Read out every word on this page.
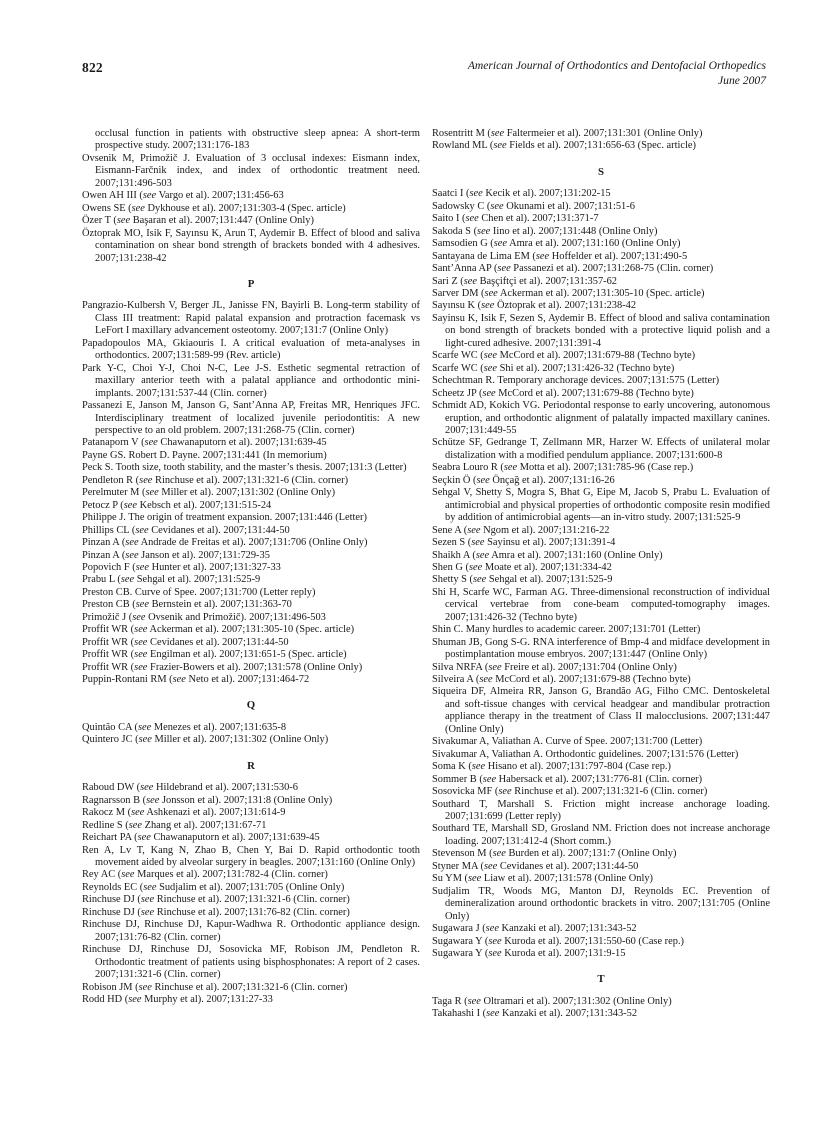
822	American Journal of Orthodontics and Dentofacial Orthopedics
June 2007
occlusal function in patients with obstructive sleep apnea: A short-term prospective study. 2007;131:176-183
Ovsenik M, Primožič J. Evaluation of 3 occlusal indexes: Eismann index, Eismann-Farčnik index, and index of orthodontic treatment need. 2007;131:496-503
Owen AH III (see Vargo et al). 2007;131:456-63
Owens SE (see Dykhouse et al). 2007;131:303-4 (Spec. article)
Özer T (see Başaran et al). 2007;131:447 (Online Only)
Öztoprak MO, Isik F, Sayınsu K, Arun T, Aydemir B. Effect of blood and saliva contamination on shear bond strength of brackets bonded with 4 adhesives. 2007;131:238-42
P
Pangrazio-Kulbersh V, Berger JL, Janisse FN, Bayirli B. Long-term stability of Class III treatment: Rapid palatal expansion and protraction facemask vs LeFort I maxillary advancement osteotomy. 2007;131:7 (Online Only)
Papadopoulos MA, Gkiaouris I. A critical evaluation of meta-analyses in orthodontics. 2007;131:589-99 (Rev. article)
Park Y-C, Choi Y-J, Choi N-C, Lee J-S. Esthetic segmental retraction of maxillary anterior teeth with a palatal appliance and orthodontic mini-implants. 2007;131:537-44 (Clin. corner)
Passanezi E, Janson M, Janson G, Sant’Anna AP, Freitas MR, Henriques JFC. Interdisciplinary treatment of localized juvenile periodontitis: A new perspective to an old problem. 2007;131:268-75 (Clin. corner)
Patanaporn V (see Chawanaputorn et al). 2007;131:639-45
Payne GS. Robert D. Payne. 2007;131:441 (In memorium)
Peck S. Tooth size, tooth stability, and the master’s thesis. 2007;131:3 (Letter)
Pendleton R (see Rinchuse et al). 2007;131:321-6 (Clin. corner)
Perelmuter M (see Miller et al). 2007;131:302 (Online Only)
Petocz P (see Kebsch et al). 2007;131:515-24
Philippe J. The origin of treatment expansion. 2007;131:446 (Letter)
Phillips CL (see Cevidanes et al). 2007;131:44-50
Pinzan A (see Andrade de Freitas et al). 2007;131:706 (Online Only)
Pinzan A (see Janson et al). 2007;131:729-35
Popovich F (see Hunter et al). 2007;131:327-33
Prabu L (see Sehgal et al). 2007;131:525-9
Preston CB. Curve of Spee. 2007;131:700 (Letter reply)
Preston CB (see Bernstein et al). 2007;131:363-70
Primožič J (see Ovsenik and Primožič). 2007;131:496-503
Proffit WR (see Ackerman et al). 2007;131:305-10 (Spec. article)
Proffit WR (see Cevidanes et al). 2007;131:44-50
Proffit WR (see Engilman et al). 2007;131:651-5 (Spec. article)
Proffit WR (see Frazier-Bowers et al). 2007;131:578 (Online Only)
Puppin-Rontani RM (see Neto et al). 2007;131:464-72
Q
Quintão CA (see Menezes et al). 2007;131:635-8
Quintero JC (see Miller et al). 2007;131:302 (Online Only)
R
Raboud DW (see Hildebrand et al). 2007;131:530-6
Ragnarsson B (see Jonsson et al). 2007;131:8 (Online Only)
Rakocz M (see Ashkenazi et al). 2007;131:614-9
Redline S (see Zhang et al). 2007;131:67-71
Reichart PA (see Chawanaputorn et al). 2007;131:639-45
Ren A, Lv T, Kang N, Zhao B, Chen Y, Bai D. Rapid orthodontic tooth movement aided by alveolar surgery in beagles. 2007;131:160 (Online Only)
Rey AC (see Marques et al). 2007;131:782-4 (Clin. corner)
Reynolds EC (see Sudjalim et al). 2007;131:705 (Online Only)
Rinchuse DJ (see Rinchuse et al). 2007;131:321-6 (Clin. corner)
Rinchuse DJ (see Rinchuse et al). 2007;131:76-82 (Clin. corner)
Rinchuse DJ, Rinchuse DJ, Kapur-Wadhwa R. Orthodontic appliance design. 2007;131:76-82 (Clin. corner)
Rinchuse DJ, Rinchuse DJ, Sosovicka MF, Robison JM, Pendleton R. Orthodontic treatment of patients using bisphosphonates: A report of 2 cases. 2007;131:321-6 (Clin. corner)
Robison JM (see Rinchuse et al). 2007;131:321-6 (Clin. corner)
Rodd HD (see Murphy et al). 2007;131:27-33
Rosentritt M (see Faltermeier et al). 2007;131:301 (Online Only)
Rowland ML (see Fields et al). 2007;131:656-63 (Spec. article)
S
Saatci I (see Kecik et al). 2007;131:202-15
Sadowsky C (see Okunami et al). 2007;131:51-6
Saito I (see Chen et al). 2007;131:371-7
Sakoda S (see Iino et al). 2007;131:448 (Online Only)
Samsodien G (see Amra et al). 2007;131:160 (Online Only)
Santayana de Lima EM (see Hoffelder et al). 2007;131:490-5
Sant’Anna AP (see Passanezi et al). 2007;131:268-75 (Clin. corner)
Sari Z (see Başçiftçi et al). 2007;131:357-62
Sarver DM (see Ackerman et al). 2007;131:305-10 (Spec. article)
Sayınsu K (see Öztoprak et al). 2007;131:238-42
Sayinsu K, Isik F, Sezen S, Aydemir B. Effect of blood and saliva contamination on bond strength of brackets bonded with a protective liquid polish and a light-cured adhesive. 2007;131:391-4
Scarfe WC (see McCord et al). 2007;131:679-88 (Techno byte)
Scarfe WC (see Shi et al). 2007;131:426-32 (Techno byte)
Schechtman R. Temporary anchorage devices. 2007;131:575 (Letter)
Scheetz JP (see McCord et al). 2007;131:679-88 (Techno byte)
Schmidt AD, Kokich VG. Periodontal response to early uncovering, autonomous eruption, and orthodontic alignment of palatally impacted maxillary canines. 2007;131:449-55
Schütze SF, Gedrange T, Zellmann MR, Harzer W. Effects of unilateral molar distalization with a modified pendulum appliance. 2007;131:600-8
Seabra Louro R (see Motta et al). 2007;131:785-96 (Case rep.)
Seçkin Ö (see Önçağ et al). 2007;131:16-26
Sehgal V, Shetty S, Mogra S, Bhat G, Eipe M, Jacob S, Prabu L. Evaluation of antimicrobial and physical properties of orthodontic composite resin modified by addition of antimicrobial agents—an in-vitro study. 2007;131:525-9
Sene A (see Ngom et al). 2007;131:216-22
Sezen S (see Sayinsu et al). 2007;131:391-4
Shaikh A (see Amra et al). 2007;131:160 (Online Only)
Shen G (see Moate et al). 2007;131:334-42
Shetty S (see Sehgal et al). 2007;131:525-9
Shi H, Scarfe WC, Farman AG. Three-dimensional reconstruction of individual cervical vertebrae from cone-beam computed-tomography images. 2007;131:426-32 (Techno byte)
Shin C. Many hurdles to academic career. 2007;131:701 (Letter)
Shuman JB, Gong S-G. RNA interference of Bmp-4 and midface development in postimplantation mouse embryos. 2007;131:447 (Online Only)
Silva NRFA (see Freire et al). 2007;131:704 (Online Only)
Silveira A (see McCord et al). 2007;131:679-88 (Techno byte)
Siqueira DF, Almeira RR, Janson G, Brandão AG, Filho CMC. Dentoskeletal and soft-tissue changes with cervical headgear and mandibular protraction appliance therapy in the treatment of Class II malocclusions. 2007;131:447 (Online Only)
Sivakumar A, Valiathan A. Curve of Spee. 2007;131:700 (Letter)
Sivakumar A, Valiathan A. Orthodontic guidelines. 2007;131:576 (Letter)
Soma K (see Hisano et al). 2007;131:797-804 (Case rep.)
Sommer B (see Habersack et al). 2007;131:776-81 (Clin. corner)
Sosovicka MF (see Rinchuse et al). 2007;131:321-6 (Clin. corner)
Southard T, Marshall S. Friction might increase anchorage loading. 2007;131:699 (Letter reply)
Southard TE, Marshall SD, Grosland NM. Friction does not increase anchorage loading. 2007;131:412-4 (Short comm.)
Stevenson M (see Burden et al). 2007;131:7 (Online Only)
Styner MA (see Cevidanes et al). 2007;131:44-50
Su YM (see Liaw et al). 2007;131:578 (Online Only)
Sudjalim TR, Woods MG, Manton DJ, Reynolds EC. Prevention of demineralization around orthodontic brackets in vitro. 2007;131:705 (Online Only)
Sugawara J (see Kanzaki et al). 2007;131:343-52
Sugawara Y (see Kuroda et al). 2007;131:550-60 (Case rep.)
Sugawara Y (see Kuroda et al). 2007;131:9-15
T
Taga R (see Oltramari et al). 2007;131:302 (Online Only)
Takahashi I (see Kanzaki et al). 2007;131:343-52
